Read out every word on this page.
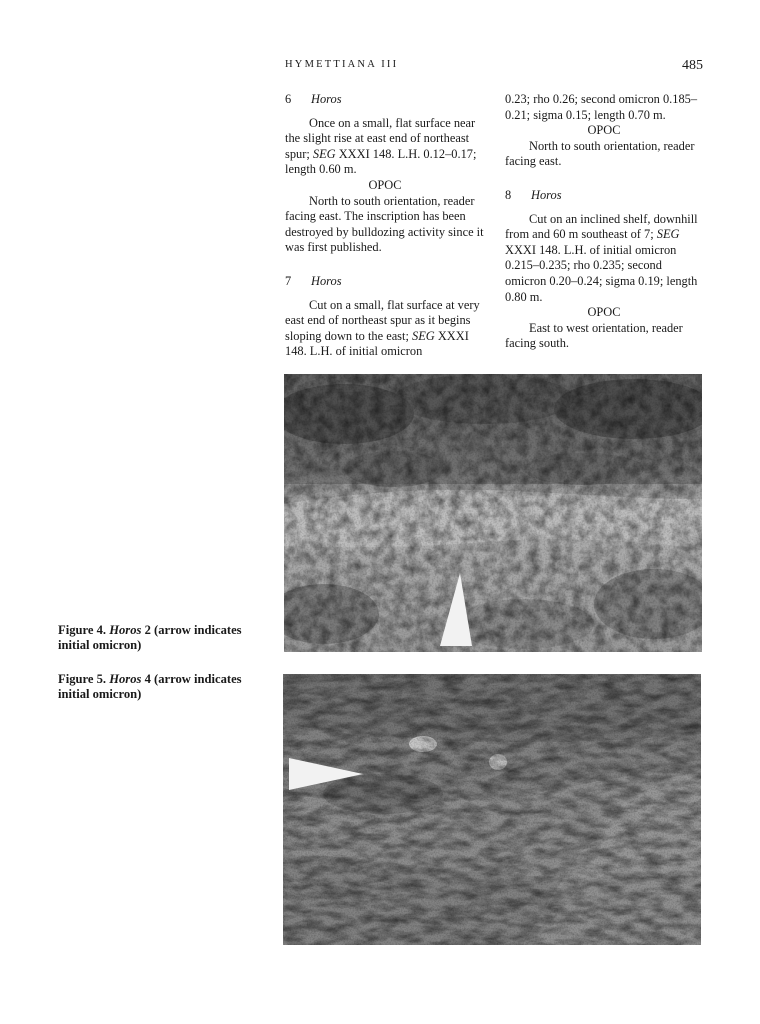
HYMETTIANA III	485
6 Horos

Once on a small, flat surface near the slight rise at east end of northeast spur; SEG XXXI 148. L.H. 0.12–0.17; length 0.60 m.

OPOC

North to south orientation, reader facing east. The inscription has been destroyed by bulldozing activity since it was first published.

7 Horos

Cut on a small, flat surface at very east end of northeast spur as it begins sloping down to the east; SEG XXXI 148. L.H. of initial omicron

0.23; rho 0.26; second omicron 0.185–0.21; sigma 0.15; length 0.70 m.

OPOC

North to south orientation, reader facing east.

8 Horos

Cut on an inclined shelf, downhill from and 60 m southeast of 7; SEG XXXI 148. L.H. of initial omicron 0.215–0.235; rho 0.235; second omicron 0.20–0.24; sigma 0.19; length 0.80 m.

OPOC

East to west orientation, reader facing south.

Figure 4. Horos 2 (arrow indicates initial omicron)
Figure 5. Horos 4 (arrow indicates initial omicron)
